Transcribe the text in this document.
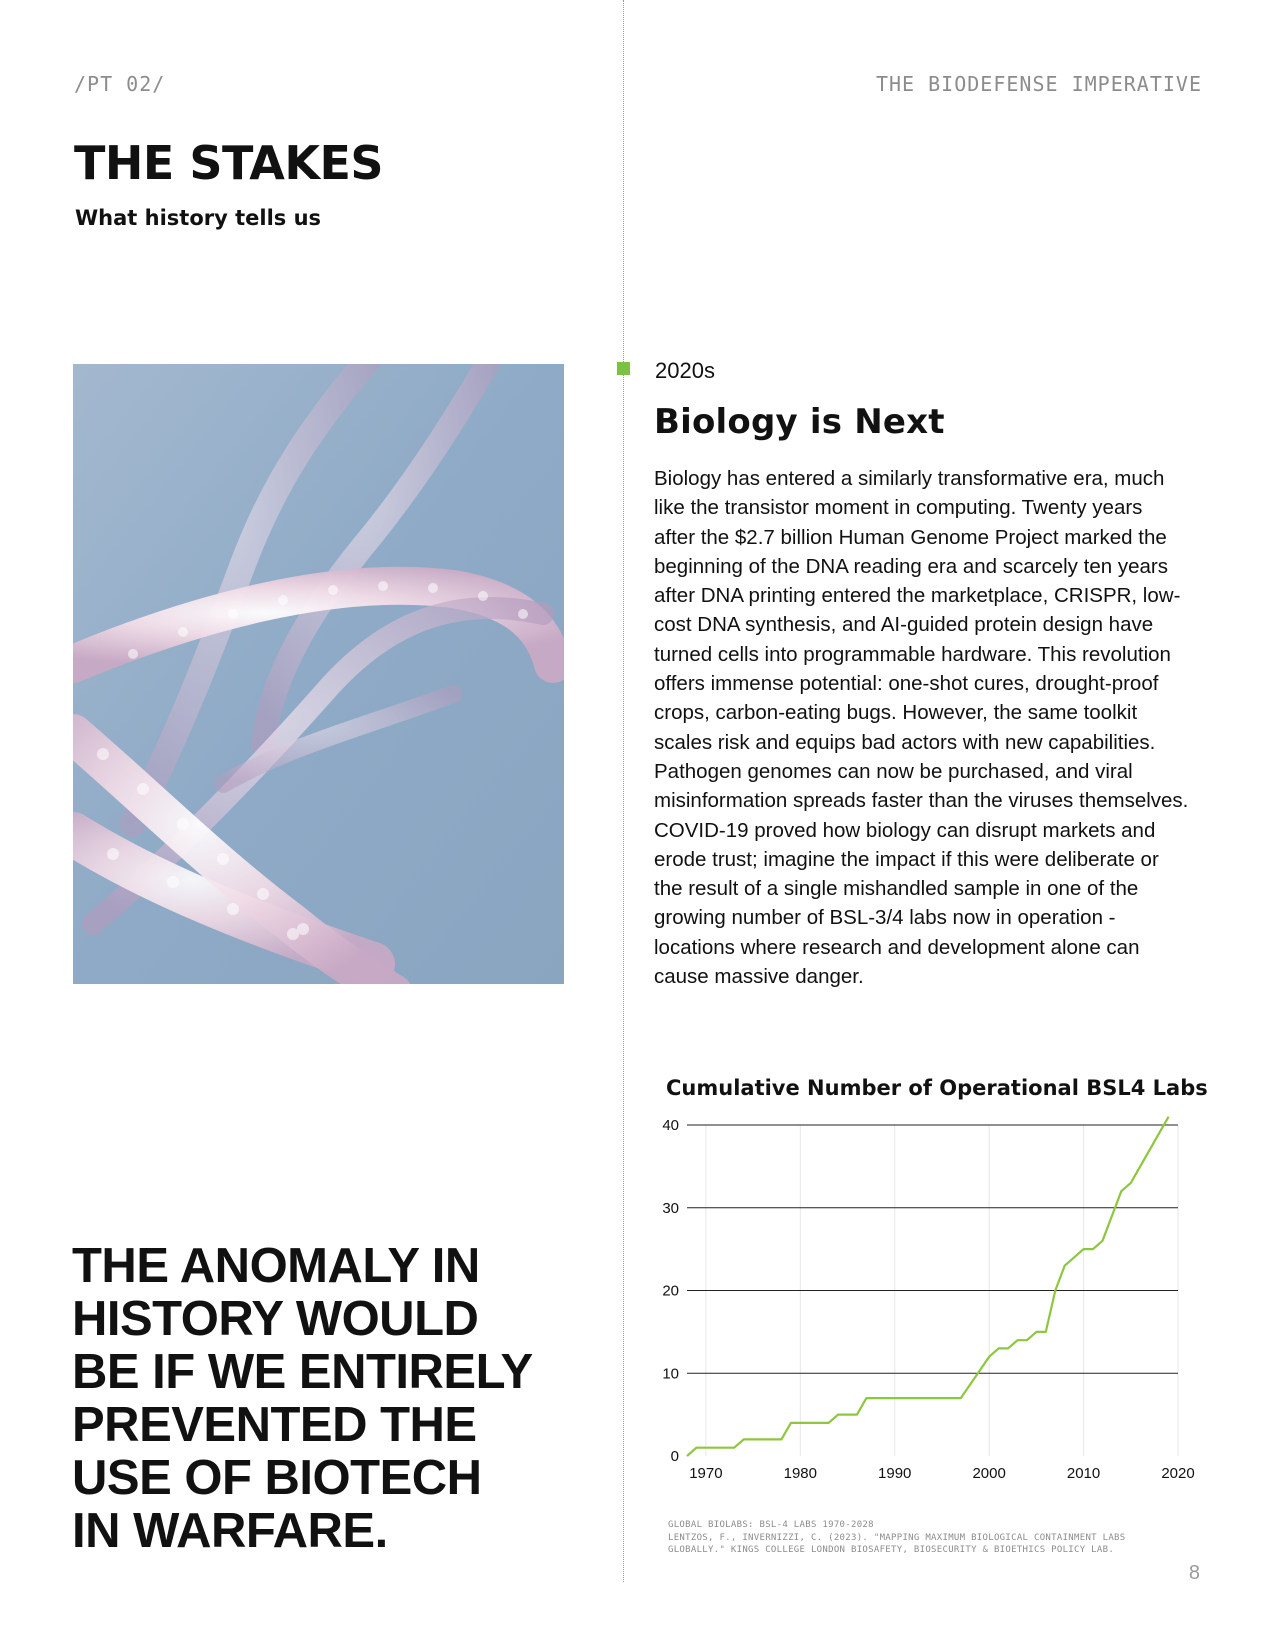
/PT 02/	THE BIODEFENSE IMPERATIVE
THE STAKES
What history tells us
2020s
Biology is Next

Biology has entered a similarly transformative era, much like the transistor moment in computing. Twenty years after the $2.7 billion Human Genome Project marked the beginning of the DNA reading era and scarcely ten years after DNA printing entered the marketplace, CRISPR, low-cost DNA synthesis, and AI-guided protein design have turned cells into programmable hardware. This revolution offers immense potential: one-shot cures, drought-proof crops, carbon-eating bugs. However, the same toolkit scales risk and equips bad actors with new capabilities. Pathogen genomes can now be purchased, and viral misinformation spreads faster than the viruses themselves. COVID-19 proved how biology can disrupt markets and erode trust; imagine the impact if this were deliberate or the result of a single mishandled sample in one of the growing number of BSL-3/4 labs now in operation - locations where research and development alone can cause massive danger.

THE ANOMALY IN HISTORY WOULD BE IF WE ENTIRELY PREVENTED THE USE OF BIOTECH IN WARFARE.

Cumulative Number of Operational BSL4 Labs
0
10
20
30
40
1970	1980	1990	2000	2010	2020
GLOBAL BIOLABS: BSL-4 LABS 1970-2028
LENTZOS, F., INVERNIZZI, C. (2023). "MAPPING MAXIMUM BIOLOGICAL CONTAINMENT LABS GLOBALLY." KINGS COLLEGE LONDON BIOSAFETY, BIOSECURITY & BIOETHICS POLICY LAB.
8
